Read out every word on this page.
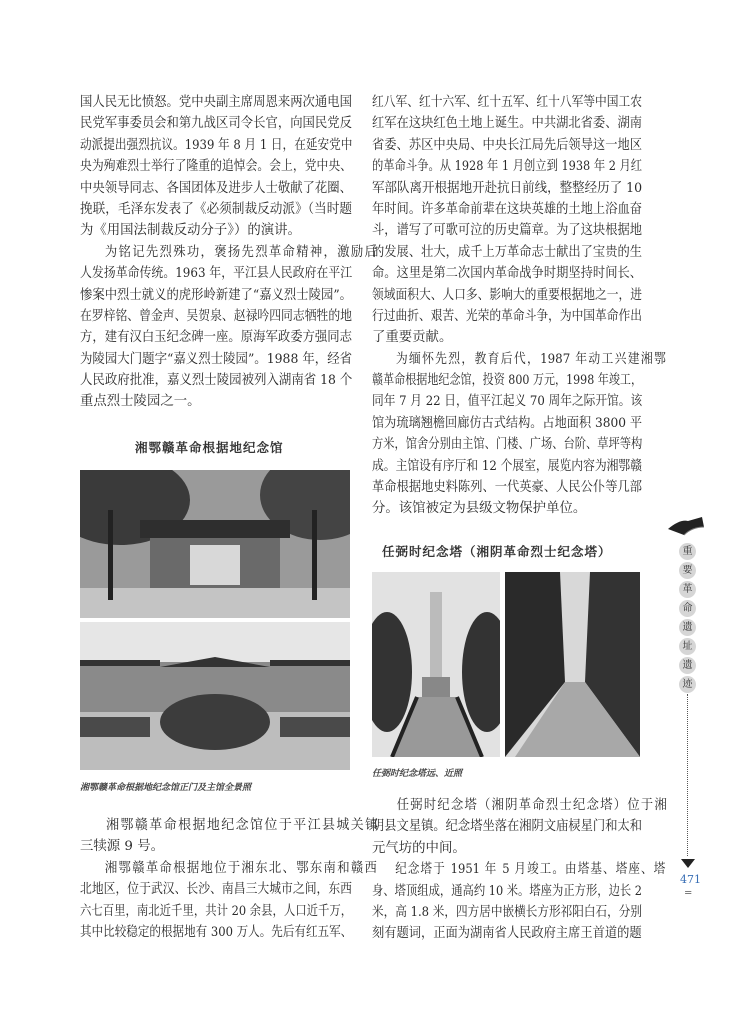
国人民无比愤怒。党中央副主席周恩来两次通电国
民党军事委员会和第九战区司令长官，向国民党反
动派提出强烈抗议。1939 年 8 月 1 日，在延安党中
央为殉难烈士举行了隆重的追悼会。会上，党中央、
中央领导同志、各国团体及进步人士敬献了花圈、
挽联，毛泽东发表了《必须制裁反动派》（当时题
为《用国法制裁反动分子》）的演讲。
为铭记先烈殊功，褒扬先烈革命精神，激励后
人发扬革命传统。1963 年，平江县人民政府在平江
惨案中烈士就义的虎形岭新建了“嘉义烈士陵园”。
在罗梓铭、曾金声、吴贺泉、赵禄吟四同志牺牲的地
方，建有汉白玉纪念碑一座。原海军政委方强同志
为陵园大门题字“嘉义烈士陵园”。1988 年，经省
人民政府批准，嘉义烈士陵园被列入湖南省 18 个
重点烈士陵园之一。
湘鄂赣革命根据地纪念馆
湘鄂赣革命根据地纪念馆正门及主馆全景照
湘鄂赣革命根据地纪念馆位于平江县城关镇
三犊源 9 号。
湘鄂赣革命根据地位于湘东北、鄂东南和赣西
北地区，位于武汉、长沙、南昌三大城市之间，东西
六七百里，南北近千里，共计 20 余县，人口近千万，
其中比较稳定的根据地有 300 万人。先后有红五军、
红八军、红十六军、红十五军、红十八军等中国工农
红军在这块红色土地上诞生。中共湖北省委、湖南
省委、苏区中央局、中央长江局先后领导这一地区
的革命斗争。从 1928 年 1 月创立到 1938 年 2 月红
军部队离开根据地开赴抗日前线，整整经历了 10
年时间。许多革命前辈在这块英雄的土地上浴血奋
斗，谱写了可歌可泣的历史篇章。为了这块根据地
的发展、壮大，成千上万革命志士献出了宝贵的生
命。这里是第二次国内革命战争时期坚持时间长、
领域面积大、人口多、影响大的重要根据地之一，进
行过曲折、艰苦、光荣的革命斗争，为中国革命作出
了重要贡献。
为缅怀先烈，教育后代，1987 年动工兴建湘鄂
赣革命根据地纪念馆，投资 800 万元，1998 年竣工，
同年 7 月 22 日，值平江起义 70 周年之际开馆。该
馆为琉璃翘檐回廊仿古式结构。占地面积 3800 平
方米，馆舍分别由主馆、门楼、广场、台阶、草坪等构
成。主馆设有序厅和 12 个展室，展览内容为湘鄂赣
革命根据地史料陈列、一代英豪、人民公仆等几部
分。该馆被定为县级文物保护单位。
任弼时纪念塔（湘阴革命烈士纪念塔）
任弼时纪念塔远、近照
任弼时纪念塔（湘阴革命烈士纪念塔）位于湘
阴县文星镇。纪念塔坐落在湘阴文庙棂星门和太和
元气坊的中间。
纪念塔于 1951 年 5 月竣工。由塔基、塔座、塔
身、塔顶组成，通高约 10 米。塔座为正方形，边长 2
米，高 1.8 米，四方居中嵌横长方形祁阳白石，分别
刻有题词，正面为湖南省人民政府主席王首道的题
重
要
革
命
遗
址
遗
迹
471
=
